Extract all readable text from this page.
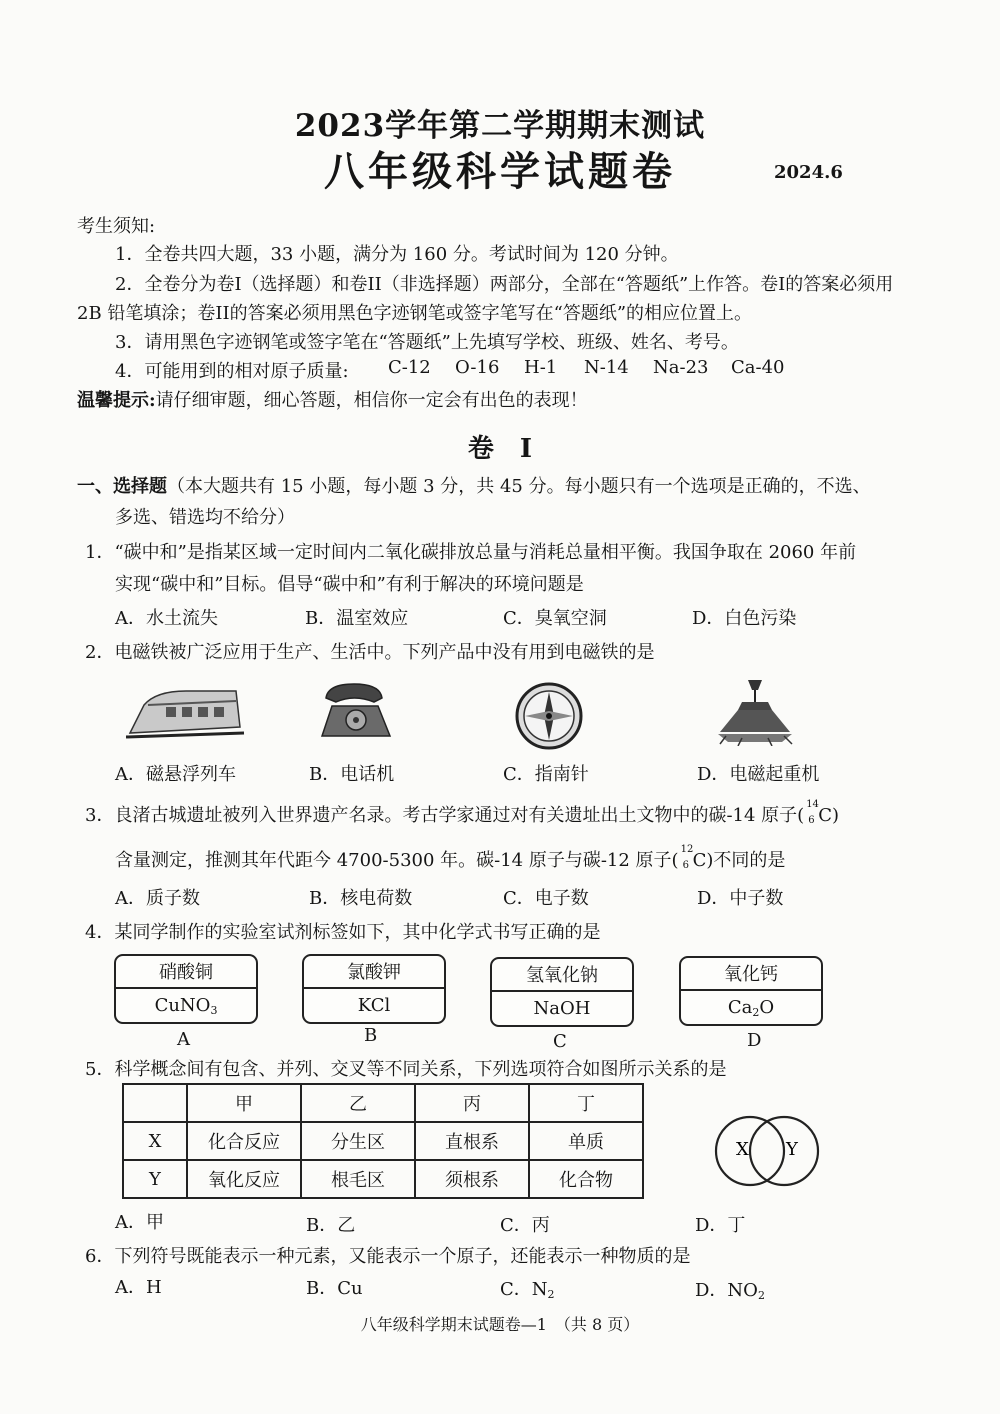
2023学年第二学期期末测试
八年级科学试题卷	2024.6
考生须知:
1．全卷共四大题，33 小题，满分为 160 分。考试时间为 120 分钟。
2．全卷分为卷I（选择题）和卷II（非选择题）两部分，全部在“答题纸”上作答。卷I的答案必须用
2B 铅笔填涂；卷II的答案必须用黑色字迹钢笔或签字笔写在“答题纸”的相应位置上。
3．请用黑色字迹钢笔或签字笔在“答题纸”上先填写学校、班级、姓名、考号。
4．可能用到的相对原子质量: C-12 O-16 H-1 N-14 Na-23 Ca-40
温馨提示:请仔细审题，细心答题，相信你一定会有出色的表现！
卷　I
一、选择题（本大题共有 15 小题，每小题 3 分，共 45 分。每小题只有一个选项是正确的，不选、
多选、错选均不给分）
1．“碳中和”是指某区域一定时间内二氧化碳排放总量与消耗总量相平衡。我国争取在 2060 年前
实现“碳中和”目标。倡导“碳中和”有利于解决的环境问题是
A．水土流失	B．温室效应	C．臭氧空洞	D．白色污染
2．电磁铁被广泛应用于生产、生活中。下列产品中没有用到电磁铁的是
A．磁悬浮列车	B．电话机	C．指南针	D．电磁起重机
3．良渚古城遗址被列入世界遗产名录。考古学家通过对有关遗址出土文物中的碳-14 原子(
14
6 C)
含量测定，推测其年代距今 4700-5300 年。碳-14 原子与碳-12 原子(
12
6 C)不同的是
A．质子数	B．核电荷数	C．电子数	D．中子数
4．某同学制作的实验室试剂标签如下，其中化学式书写正确的是
硝酸铜
CuNO$_3$
氯酸钾
KCl
氢氧化钠
NaOH
氧化钙
$Ca_2O$
A	B	C	D
5．科学概念间有包含、并列、交叉等不同关系，下列选项符合如图所示关系的是
	甲	乙	丙	丁
X	化合反应	分生区	直根系	单质
Y	氧化反应	根毛区	须根系	化合物
X Y
A．甲	B．乙	C．丙	D．丁
6．下列符号既能表示一种元素，又能表示一个原子，还能表示一种物质的是
A．H	B．Cu	C．$N_2$	D．$NO_2$
八年级科学期末试题卷—1　（共 8 页）
